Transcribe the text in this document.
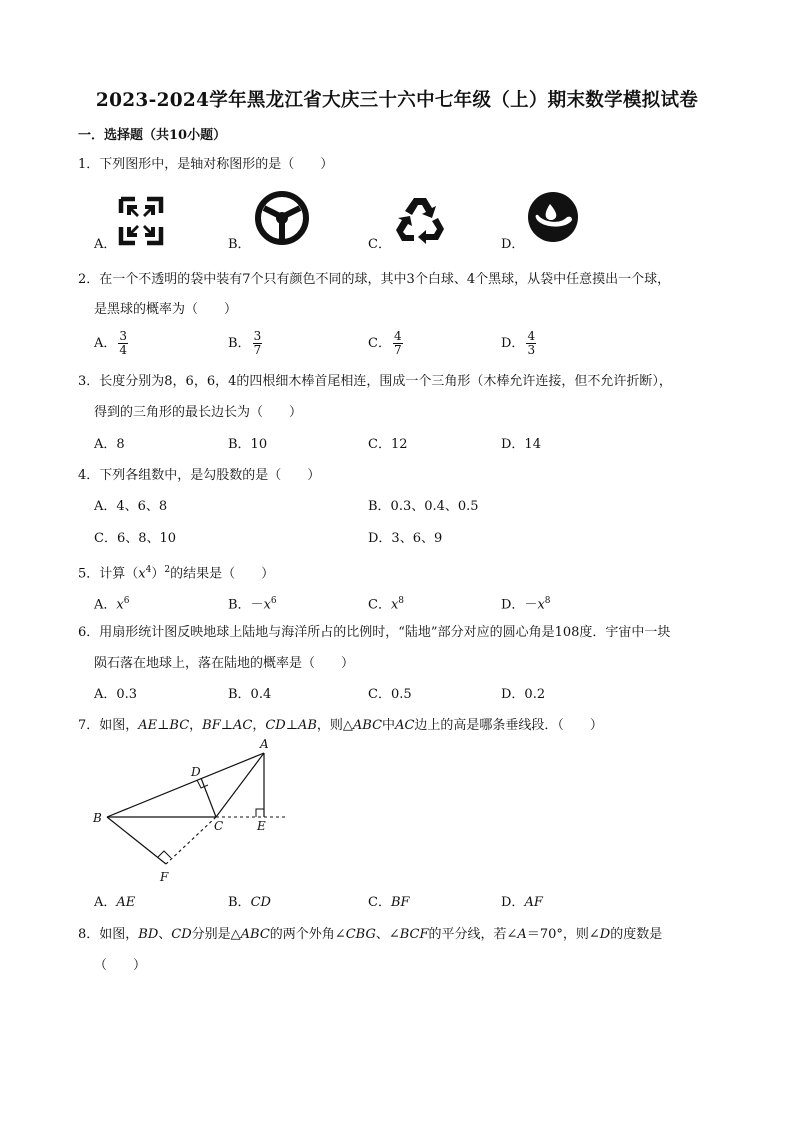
2023-2024学年黑龙江省大庆三十六中七年级（上）期末数学模拟试卷
一．选择题（共10小题）
1．下列图形中，是轴对称图形的是（　　）
A．	B．	C．	D．
2．在一个不透明的袋中装有7个只有颜色不同的球，其中3个白球、4个黑球，从袋中任意摸出一个球，
是黑球的概率为（　　）
A． $\frac{3}{4}$	B． $\frac{3}{7}$	C． $\frac{4}{7}$	D． $\frac{4}{3}$
3．长度分别为8，6，6，4的四根细木棒首尾相连，围成一个三角形（木棒允许连接，但不允许折断），
得到的三角形的最长边长为（　　）
A．8	B．10	C．12	D．14
4．下列各组数中，是勾股数的是（　　）
A．4、6、8	B．0.3、0.4、0.5
C．6、8、10	D．3、6、9
5．计算$(x^4)^2$的结果是（　　）
A．$x^6$	B．$-x^6$	C．$x^8$	D．$-x^8$
6．用扇形统计图反映地球上陆地与海洋所占的比例时，“陆地”部分对应的圆心角是108度．宇宙中一块
陨石落在地球上，落在陆地的概率是（　　）
A．0.3	B．0.4	C．0.5	D．0.2
7．如图，AE⊥BC，BF⊥AC，CD⊥AB，则△ABC中AC边上的高是哪条垂线段．（　　）
A
B
C
D
E
F
A．AE	B．CD	C．BF	D．AF
8．如图，BD、CD分别是△ABC的两个外角∠CBG、∠BCF的平分线，若∠A＝70°，则∠D的度数是
（　　）
